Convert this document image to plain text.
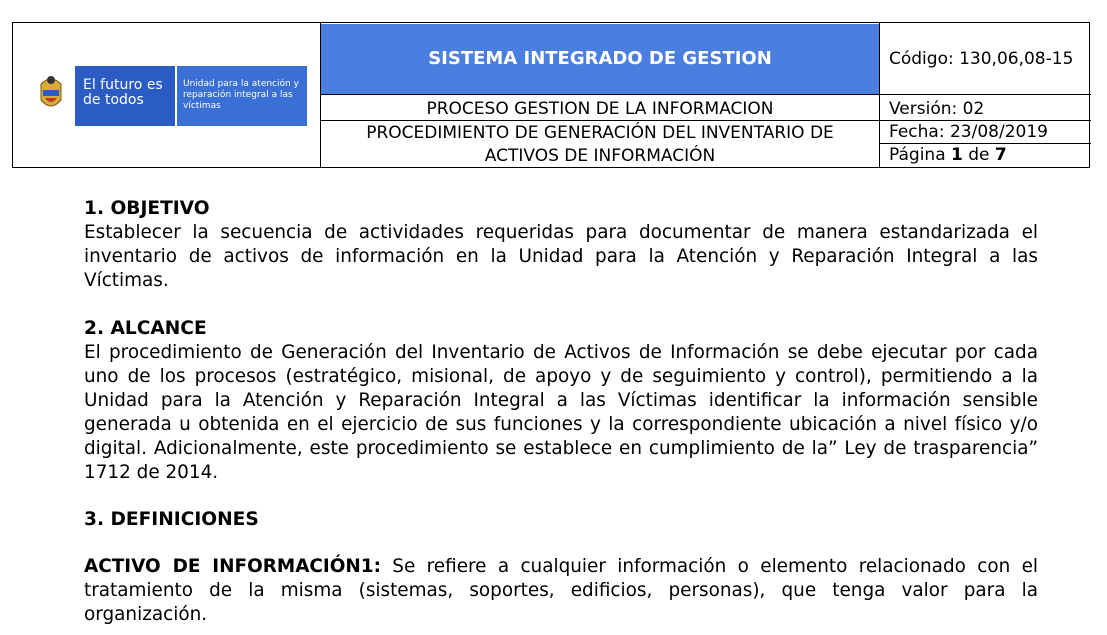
SISTEMA INTEGRADO DE GESTION
PROCESO GESTION DE LA INFORMACION
PROCEDIMIENTO DE GENERACIÓN DEL INVENTARIO DE
ACTIVOS DE INFORMACIÓN
Código: 130,06,08-15
Versión: 02
Fecha: 23/08/2019
Página 1 de 7
El futuro es de todos
Unidad para la atención y reparación integral a las víctimas
1. OBJETIVO
Establecer la secuencia de actividades requeridas para documentar de manera estandarizada el inventario de activos de información en la Unidad para la Atención y Reparación Integral a las Víctimas.
2. ALCANCE
El procedimiento de Generación del Inventario de Activos de Información se debe ejecutar por cada uno de los procesos (estratégico, misional, de apoyo y de seguimiento y control), permitiendo a la Unidad para la Atención y Reparación Integral a las Víctimas identificar la información sensible generada u obtenida en el ejercicio de sus funciones y la correspondiente ubicación a nivel físico y/o digital. Adicionalmente, este procedimiento se establece en cumplimiento de la” Ley de trasparencia” 1712 de 2014.
3. DEFINICIONES
ACTIVO DE INFORMACIÓN1: Se refiere a cualquier información o elemento relacionado con el tratamiento de la misma (sistemas, soportes, edificios, personas), que tenga valor para la organización.
